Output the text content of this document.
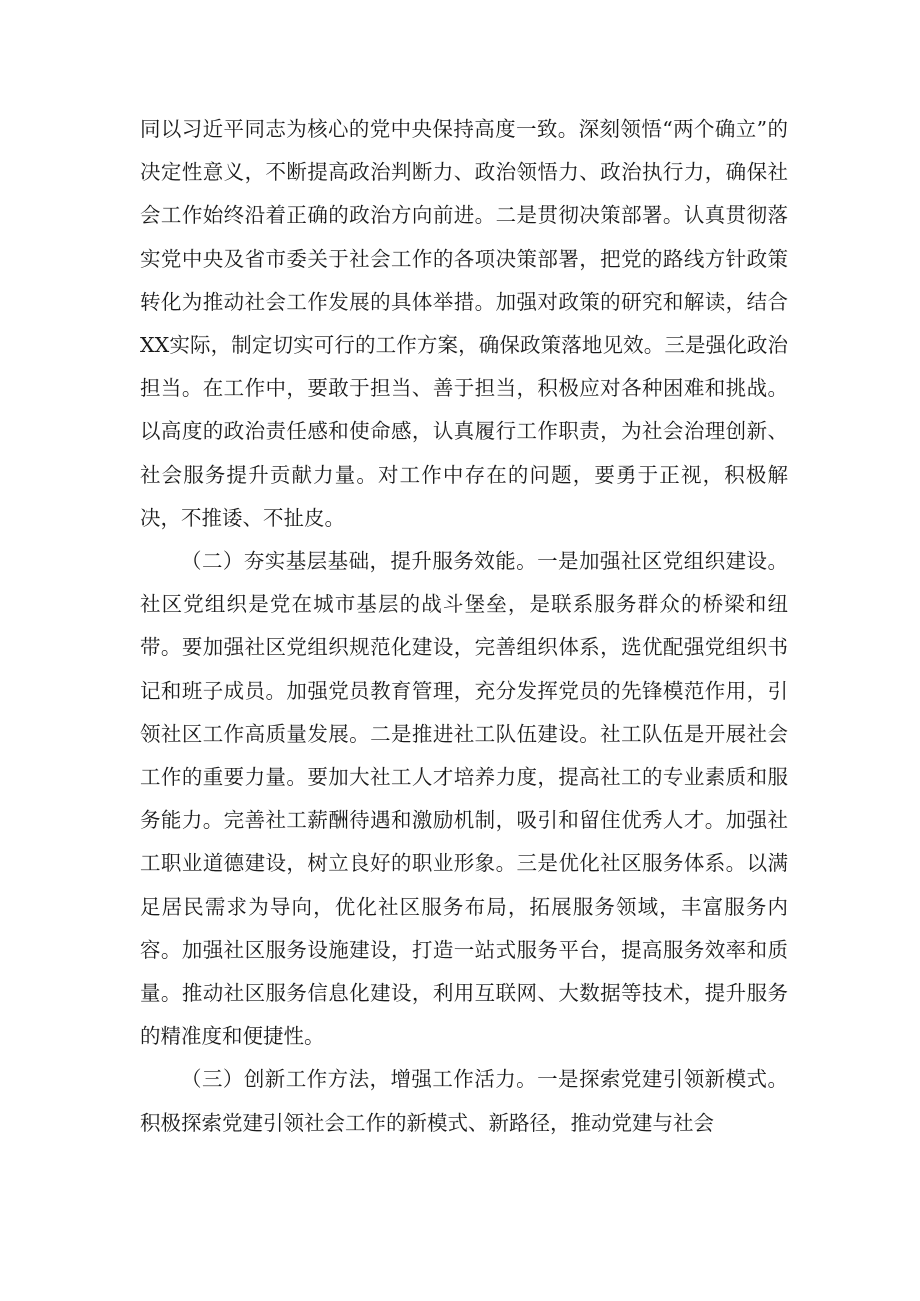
同以习近平同志为核心的党中央保持高度一致。深刻领悟“两个确立”的决定性意义，不断提高政治判断力、政治领悟力、政治执行力，确保社会工作始终沿着正确的政治方向前进。二是贯彻决策部署。认真贯彻落实党中央及省市委关于社会工作的各项决策部署，把党的路线方针政策转化为推动社会工作发展的具体举措。加强对政策的研究和解读，结合XX实际，制定切实可行的工作方案，确保政策落地见效。三是强化政治担当。在工作中，要敢于担当、善于担当，积极应对各种困难和挑战。以高度的政治责任感和使命感，认真履行工作职责，为社会治理创新、社会服务提升贡献力量。对工作中存在的问题，要勇于正视，积极解决，不推诿、不扯皮。

（二）夯实基层基础，提升服务效能。一是加强社区党组织建设。社区党组织是党在城市基层的战斗堡垒，是联系服务群众的桥梁和纽带。要加强社区党组织规范化建设，完善组织体系，选优配强党组织书记和班子成员。加强党员教育管理，充分发挥党员的先锋模范作用，引领社区工作高质量发展。二是推进社工队伍建设。社工队伍是开展社会工作的重要力量。要加大社工人才培养力度，提高社工的专业素质和服务能力。完善社工薪酬待遇和激励机制，吸引和留住优秀人才。加强社工职业道德建设，树立良好的职业形象。三是优化社区服务体系。以满足居民需求为导向，优化社区服务布局，拓展服务领域，丰富服务内容。加强社区服务设施建设，打造一站式服务平台，提高服务效率和质量。推动社区服务信息化建设，利用互联网、大数据等技术，提升服务的精准度和便捷性。

（三）创新工作方法，增强工作活力。一是探索党建引领新模式。积极探索党建引领社会工作的新模式、新路径，推动党建与社会
